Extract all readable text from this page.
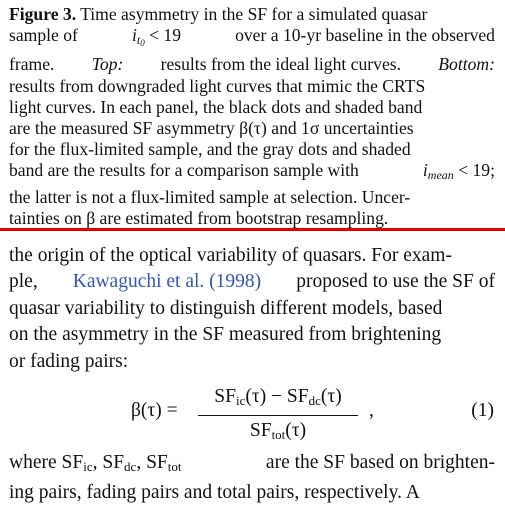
Figure 3. Time asymmetry in the SF for a simulated quasar
sample of	$i_{t0} < 19$	over a 10-yr baseline in the observed
frame. Top: results from the ideal light curves. Bottom:
results from downgraded light curves that mimic the CRTS
light curves. In each panel, the black dots and shaded band
are the measured SF asymmetry β(τ) and 1σ uncertainties
for the flux-limited sample, and the gray dots and shaded
band are the results for a comparison sample with	$i_{mean} < 19$;
the latter is not a flux-limited sample at selection. Uncer-
tainties on β are estimated from bootstrap resampling.
the origin of the optical variability of quasars. For exam-
ple, Kawaguchi et al. (1998) proposed to use the SF of
quasar variability to distinguish different models, based
on the asymmetry in the SF measured from brightening
or fading pairs:
β(τ) =
$SF_{ic}(\tau) - SF_{dc}(\tau)$
$SF_{tot}(\tau)$
,	(1)
where $SF_{ic}$, $SF_{dc}$, $SF_{tot}$	are the SF based on brighten-
ing pairs, fading pairs and total pairs, respectively. A
